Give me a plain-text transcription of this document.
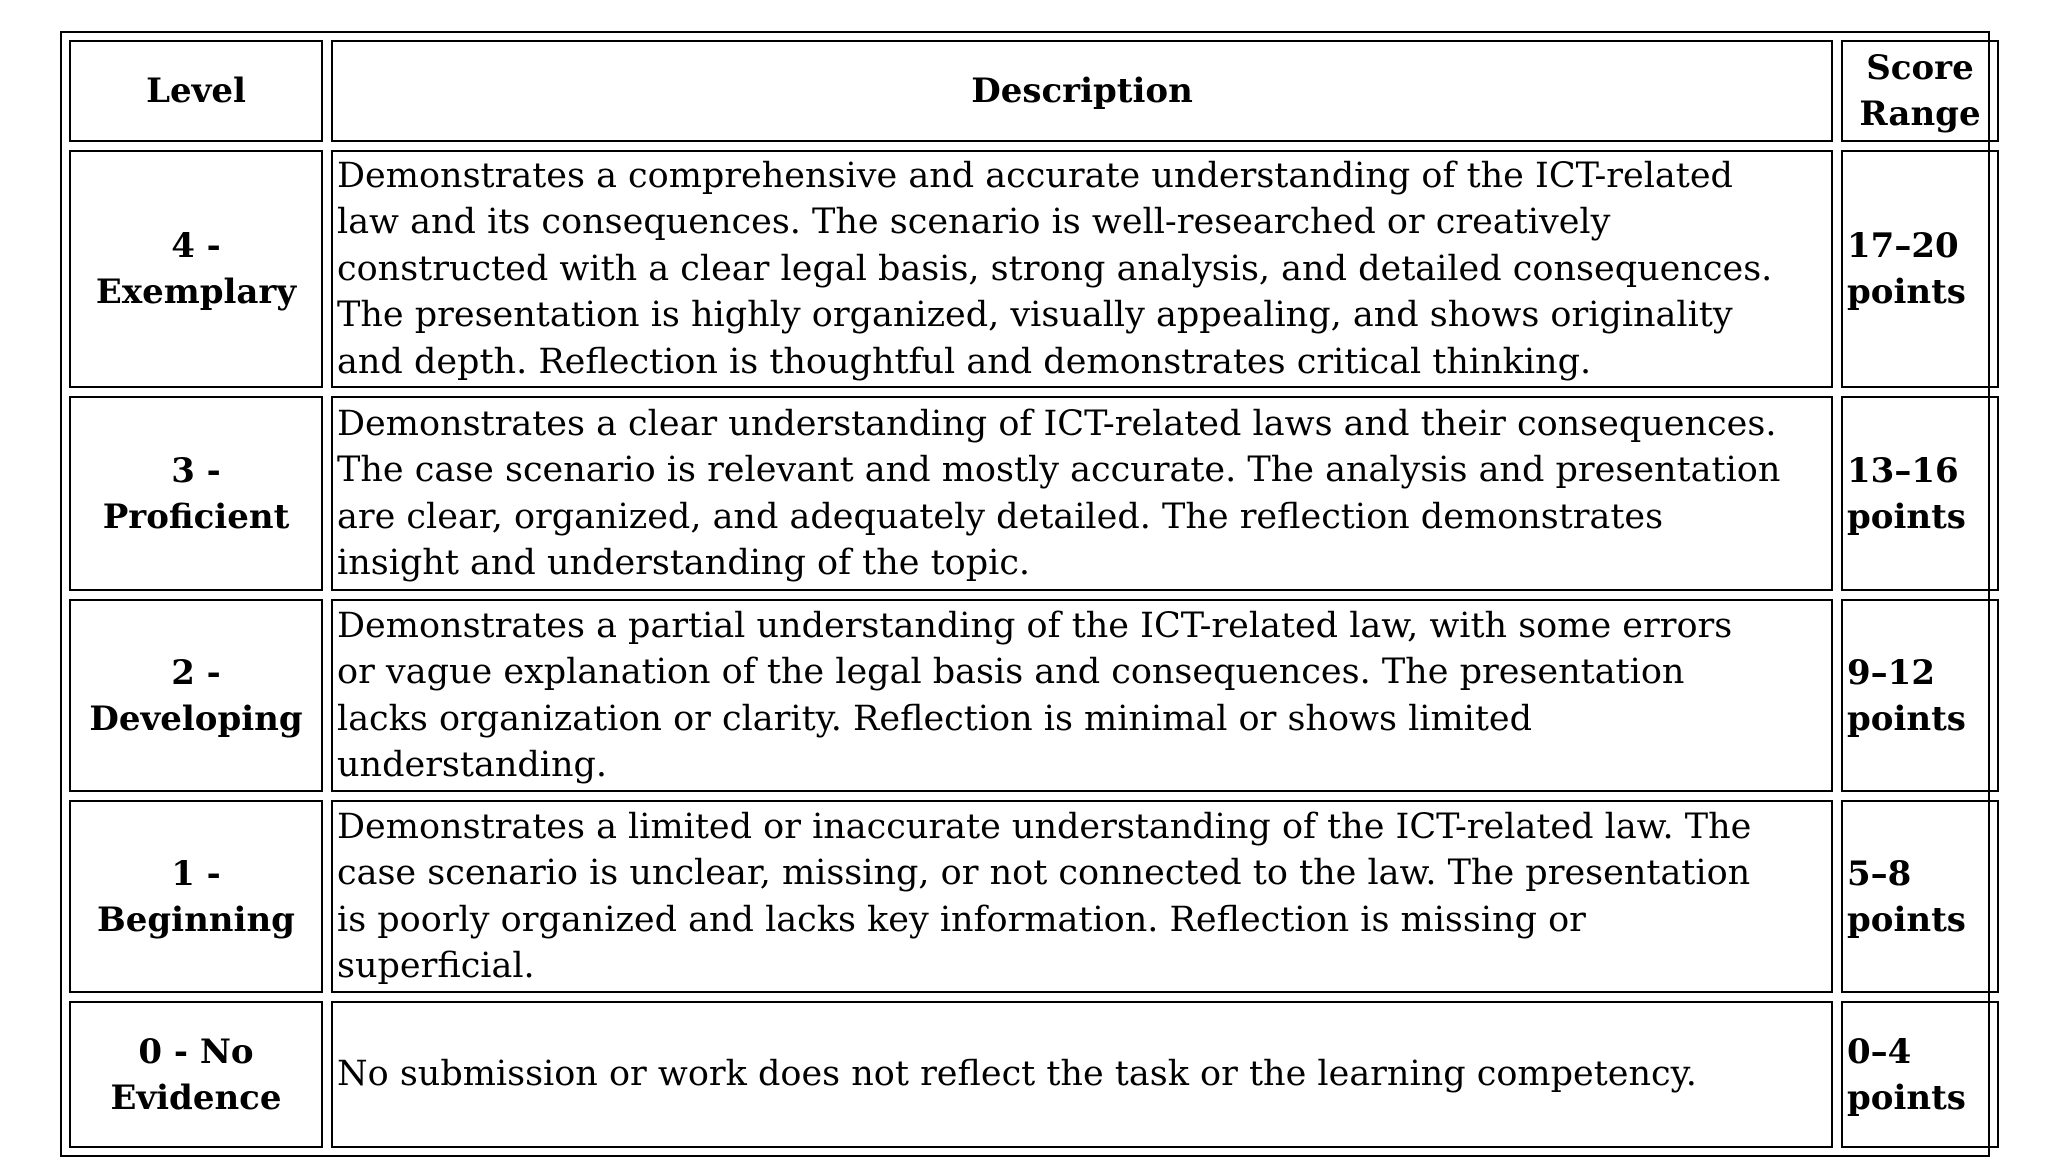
Level	Description	Score
Range

4 -
Exemplary	Demonstrates a comprehensive and accurate understanding of the ICT-related
law and its consequences. The scenario is well-researched or creatively
constructed with a clear legal basis, strong analysis, and detailed consequences.
The presentation is highly organized, visually appealing, and shows originality
and depth. Reflection is thoughtful and demonstrates critical thinking.	17–20
points

3 -
Proficient	Demonstrates a clear understanding of ICT-related laws and their consequences.
The case scenario is relevant and mostly accurate. The analysis and presentation
are clear, organized, and adequately detailed. The reflection demonstrates
insight and understanding of the topic.	13–16
points

2 -
Developing	Demonstrates a partial understanding of the ICT-related law, with some errors
or vague explanation of the legal basis and consequences. The presentation
lacks organization or clarity. Reflection is minimal or shows limited
understanding.	9–12
points

1 -
Beginning	Demonstrates a limited or inaccurate understanding of the ICT-related law. The
case scenario is unclear, missing, or not connected to the law. The presentation
is poorly organized and lacks key information. Reflection is missing or
superficial.	5–8
points

0 - No
Evidence	No submission or work does not reflect the task or the learning competency.	0–4
points
